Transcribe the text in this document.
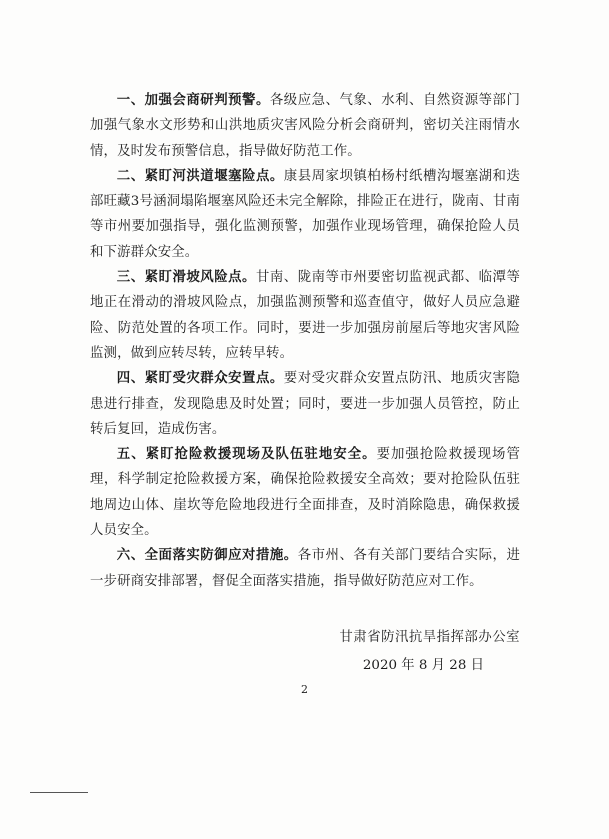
一、加强会商研判预警。各级应急、气象、水利、自然资源等部门加强气象水文形势和山洪地质灾害风险分析会商研判，密切关注雨情水情，及时发布预警信息，指导做好防范工作。

二、紧盯河洪道堰塞险点。康县周家坝镇柏杨村纸槽沟堰塞湖和迭部旺藏3号涵洞塌陷堰塞风险还未完全解除，排险正在进行，陇南、甘南等市州要加强指导，强化监测预警，加强作业现场管理，确保抢险人员和下游群众安全。

三、紧盯滑坡风险点。甘南、陇南等市州要密切监视武都、临潭等地正在滑动的滑坡风险点，加强监测预警和巡查值守，做好人员应急避险、防范处置的各项工作。同时，要进一步加强房前屋后等地灾害风险监测，做到应转尽转，应转早转。

四、紧盯受灾群众安置点。要对受灾群众安置点防汛、地质灾害隐患进行排查，发现隐患及时处置；同时，要进一步加强人员管控，防止转后复回，造成伤害。

五、紧盯抢险救援现场及队伍驻地安全。要加强抢险救援现场管理，科学制定抢险救援方案，确保抢险救援安全高效；要对抢险队伍驻地周边山体、崖坎等危险地段进行全面排查，及时消除隐患，确保救援人员安全。

六、全面落实防御应对措施。各市州、各有关部门要结合实际，进一步研商安排部署，督促全面落实措施，指导做好防范应对工作。

甘肃省防汛抗旱指挥部办公室
2020 年 8 月 28 日
2
